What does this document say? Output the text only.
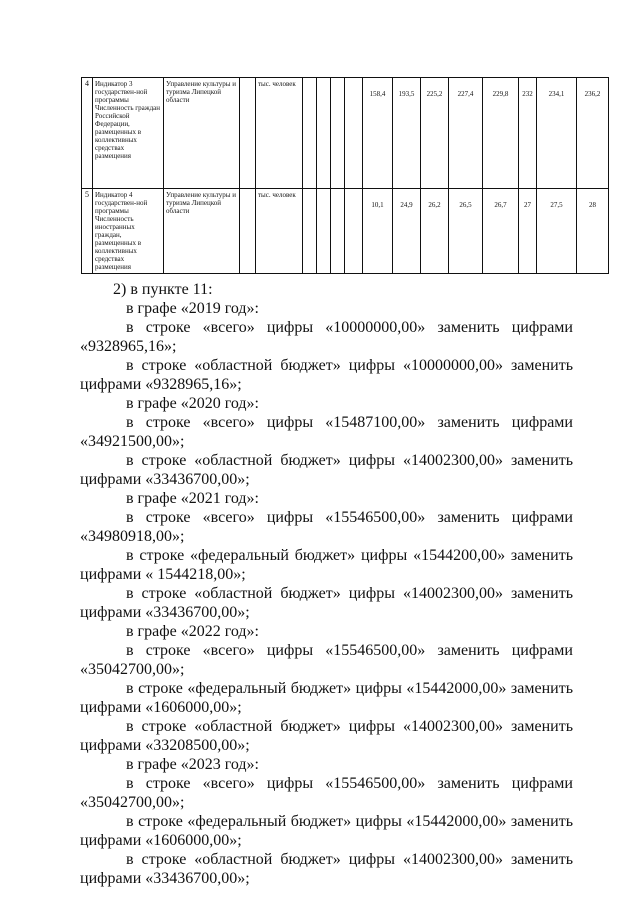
4	Индикатор 3 государствен-ной программы Численность граждан Российской Федерации, размещенных в коллективных средствах размещения	Управление культуры и туризма Липецкой области		тыс. человек					158,4	193,5	225,2	227,4	229,8	232	234,1	236,2

5	Индикатор 4 государствен-ной программы Численность иностранных граждан, размещенных в коллективных средствах размещения	Управление культуры и туризма Липецкой области		тыс. человек					10,1	24,9	26,2	26,5	26,7	27	27,5	28

2) в пункте 11:

в графе «2019 год»:

в строке «всего» цифры «10000000,00» заменить цифрами

«9328965,16»;

в строке «областной бюджет» цифры «10000000,00» заменить

цифрами «9328965,16»;

в графе «2020 год»:

в строке «всего» цифры «15487100,00» заменить цифрами

«34921500,00»;

в строке «областной бюджет» цифры «14002300,00» заменить

цифрами «33436700,00»;

в графе «2021 год»:

в строке «всего» цифры «15546500,00» заменить цифрами

«34980918,00»;

в строке «федеральный бюджет» цифры «1544200,00» заменить

цифрами « 1544218,00»;

в строке «областной бюджет» цифры «14002300,00» заменить

цифрами «33436700,00»;

в графе «2022 год»:

в строке «всего» цифры «15546500,00» заменить цифрами

«35042700,00»;

в строке «федеральный бюджет» цифры «15442000,00» заменить

цифрами «1606000,00»;

в строке «областной бюджет» цифры «14002300,00» заменить

цифрами «33208500,00»;

в графе «2023 год»:

в строке «всего» цифры «15546500,00» заменить цифрами

«35042700,00»;

в строке «федеральный бюджет» цифры «15442000,00» заменить

цифрами «1606000,00»;

в строке «областной бюджет» цифры «14002300,00» заменить

цифрами «33436700,00»;
